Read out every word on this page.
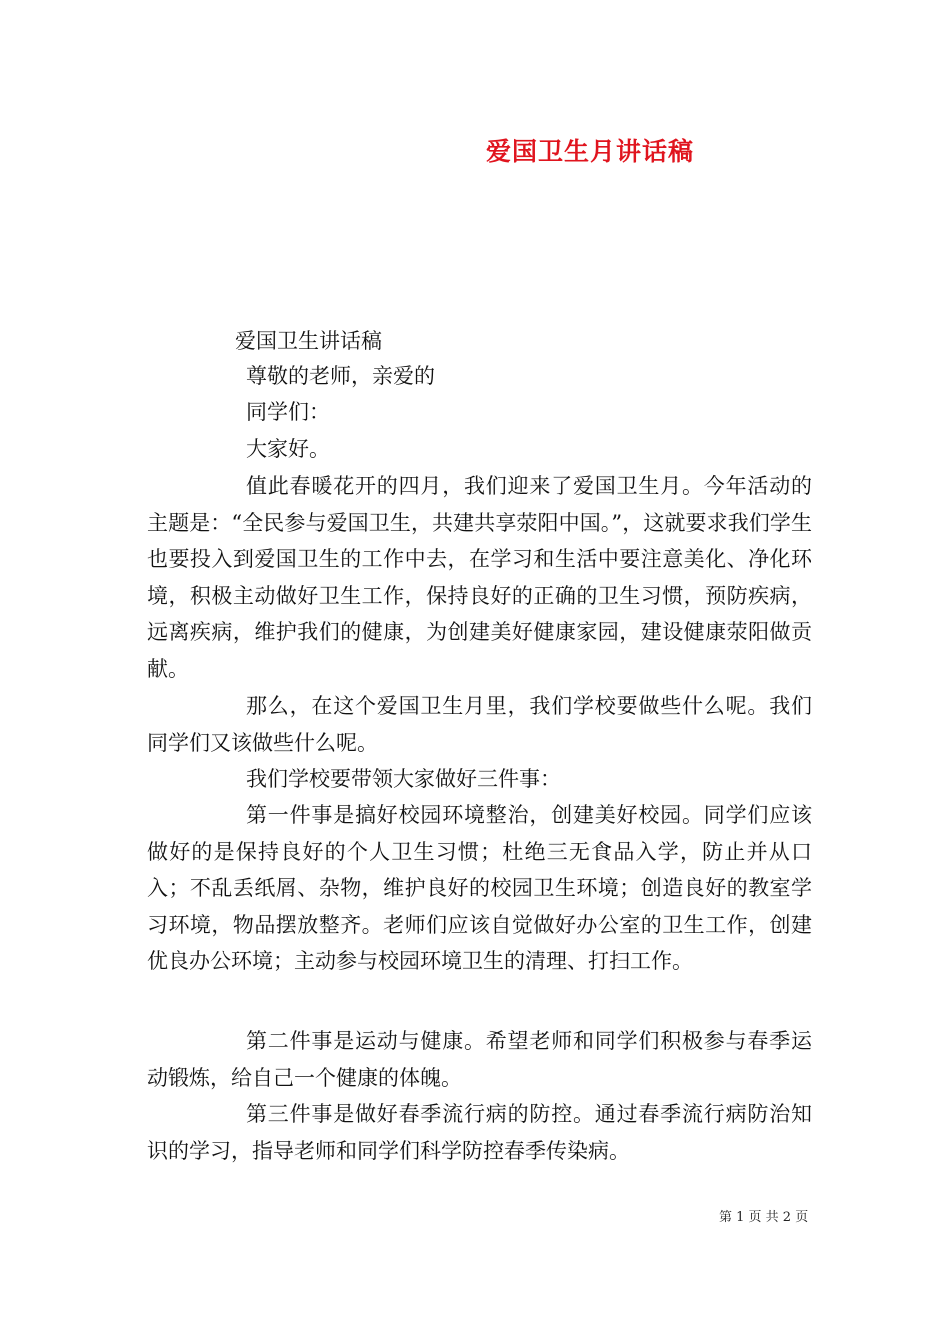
爱国卫生月讲话稿
爱国卫生讲话稿
尊敬的老师，亲爱的
同学们：
大家好。

值此春暖花开的四月，我们迎来了爱国卫生月。今年活动的主题是：“全民参与爱国卫生，共建共享荥阳中国。”，这就要求我们学生也要投入到爱国卫生的工作中去，在学习和生活中要注意美化、净化环境，积极主动做好卫生工作，保持良好的正确的卫生习惯，预防疾病，远离疾病，维护我们的健康，为创建美好健康家园，建设健康荥阳做贡献。

那么，在这个爱国卫生月里，我们学校要做些什么呢。我们同学们又该做些什么呢。

我们学校要带领大家做好三件事：

第一件事是搞好校园环境整治，创建美好校园。同学们应该做好的是保持良好的个人卫生习惯；杜绝三无食品入学，防止并从口入；不乱丢纸屑、杂物，维护良好的校园卫生环境；创造良好的教室学习环境，物品摆放整齐。老师们应该自觉做好办公室的卫生工作，创建优良办公环境；主动参与校园环境卫生的清理、打扫工作。

第二件事是运动与健康。希望老师和同学们积极参与春季运动锻炼，给自己一个健康的体魄。

第三件事是做好春季流行病的防控。通过春季流行病防治知识的学习，指导老师和同学们科学防控春季传染病。

第 1 页 共 2 页
